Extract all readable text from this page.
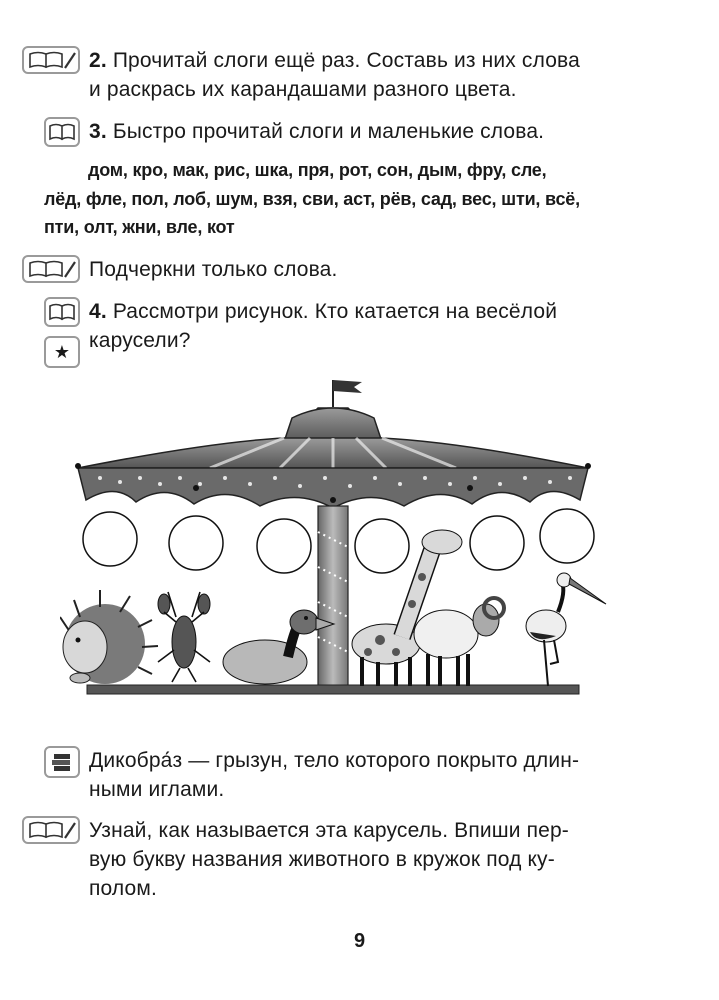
2. Прочитай слоги ещё раз. Составь из них слова
и раскрась их карандашами разного цвета.
3. Быстро прочитай слоги и маленькие слова.
дом, кро, мак, рис, шка, пря, рот, сон, дым, фру, сле,
лёд, фле, пол, лоб, шум, взя, сви, аст, рёв, сад, вес, шти, всё,
пти, олт, жни, вле, кот
Подчеркни только слова.
★
4. Рассмотри рисунок. Кто катается на весёлой
карусели?
Дикобра́з — грызун, тело которого покрыто длин-
ными иглами.
Узнай, как называется эта карусель. Впиши пер-
вую букву названия животного в кружок под ку-
полом.
9
